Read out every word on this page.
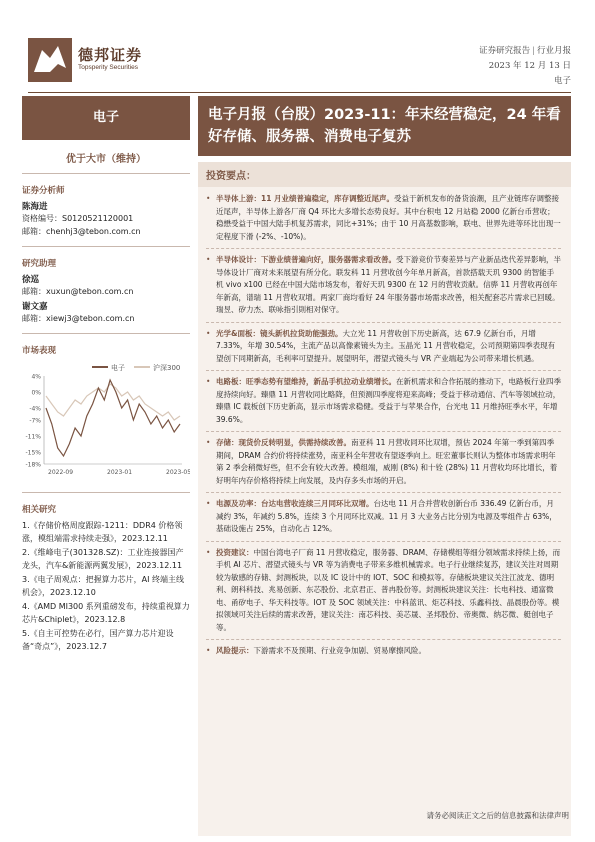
德邦证券
Topsperity Securities
证券研究报告 | 行业月报
2023 年 12 月 13 日
电子
电子
优于大市（维持）
证券分析师
陈海进
资格编号：S0120521120001
邮箱：chenhj3@tebon.com.cn
研究助理
徐巡
邮箱：xuxun@tebon.com.cn
谢文嘉
邮箱：xiewj3@tebon.com.cn
市场表现
电子	沪深300
4%
0%
-4%
-7%
-11%
-15%
-18%
2022-09	2023-01	2023-05
相关研究
1.《存储价格周度跟踪-1211：DDR4 价格领涨，模组端需求持续走强》，2023.12.11
2.《维峰电子(301328.SZ)：工业连接器国产龙头，汽车&新能源两翼发展》，2023.12.11
3.《电子周观点：把握算力芯片，AI 终端主线机会》，2023.12.10
4.《AMD MI300 系列重磅发布，持续重视算力芯片&Chiplet》，2023.12.8
5.《自主可控势在必行，国产算力芯片迎设备“奇点”》，2023.12.7
电子月报（台股）2023-11：年末经营稳定，24 年看好存储、服务器、消费电子复苏
投资要点：
• 半导体上游：11 月业绩普遍稳定，库存调整近尾声。受益于新机发布的备货浪潮，且产业链库存调整接近尾声，半导体上游各厂商 Q4 环比大多增长态势良好。其中台积电 12 月站稳 2000 亿新台币营收；稳懋受益于中国大陆手机复苏需求，同比+31%；由于 10 月高基数影响，联电、世界先进等环比出现一定程度下滑 (-2%、-10%)。
• 半导体设计：下游业绩普遍向好，服务器需求看改善。受下游竞价节奏差异与产业新品迭代差异影响，半导体设计厂商对未来展望有所分化。联发科 11 月营收创今年单月新高，首款搭载天玑 9300 的智能手机 vivo x100 已经在中国大陆市场发布，着好天玑 9300 在 12 月的营收贡献。信骅 11 月营收再创年年新高，谱瑞 11 月营收双增。两家厂商均看好 24 年服务器市场需求改善，相关配套芯片需求已回暖。瑞昱、矽力杰、联咏指引則相对保守。
• 光学&面板：镜头新机拉货助能强劲。大立光 11 月营收创下历史新高，达 67.9 亿新台币，月增 7.33%，年增 30.54%，主流产品以高像素镜头为主。玉晶光 11 月营收稳定，公司预期第四季表现有望创下同期新高，毛利率可望提升。展望明年，潜望式镜头与 VR 产业端起为公司带来增长机遇。
• 电路板：旺季态势有望维持，新品手机拉动业绩增长。在新机需求和合作拓展的推动下，电路板行业四季度持续向好。臻鼎 11 月营收同比略降，但预测四季度将迎来高峰；受益于移动通信、汽车等领域拉动，臻鼎 IC 载板创下历史新高，显示市场需求稳健。受益于与苹果合作，台光电 11 月维持旺季水平，年增 39.6%。
• 存储：现货价反转明显，供需持续改善。南亚科 11 月营收同环比双增，预估 2024 年第一季到第四季期间，DRAM 合约价将持续涨势，南亚科全年营收有望逐季向上。旺宏董事长则认为整体市场需求明年第 2 季会稍微好些，但不会有较大改善。模组端，威刚 (8%) 和十铨 (28%) 11 月营收均环比增长，着好明年内存价格将持续上向发展，及内存多头市场的开启。
• 电源及功率：台达电营收连续三月同环比双增。台达电 11 月合并营收创新台币 336.49 亿新台币，月减约 3%，年减约 5.8%，连续 3 个月同环比双减。11 月 3 大业务占比分别为电源及零组件占 63%，基础设施占 25%，自动化占 12%。
• 投资建议：中国台湾电子厂商 11 月营收稳定，服务器、DRAM、存储模组等细分领域需求持续上扬，而手机 AI 芯片、潜望式镜头与 VR 等为消费电子带来多维机械需求。电子行业继续复苏，建议关注对周期较为敏感的存储、封测板块，以及 IC 设计中的 IOT、SOC 和模拟等。存储板块建议关注江波龙、德明利、朗科科技、兆易创新、东芯股份、北京君正、普冉股份等。封测板块建议关注：长电科技、通富微电、甬矽电子、华天科技等。IOT 及 SOC 领域关注：中科蓝讯、炬芯科技、乐鑫科技、晶晨股份等。模拟领域可关注后续的需求改善，建议关注：南芯科技、美芯晟、圣邦股份、帝奥微、纳芯微、艇创电子等。
• 风险提示：下游需求不及预期、行业竞争加剧、贸易摩擦风险。
请务必阅读正文之后的信息披露和法律声明
